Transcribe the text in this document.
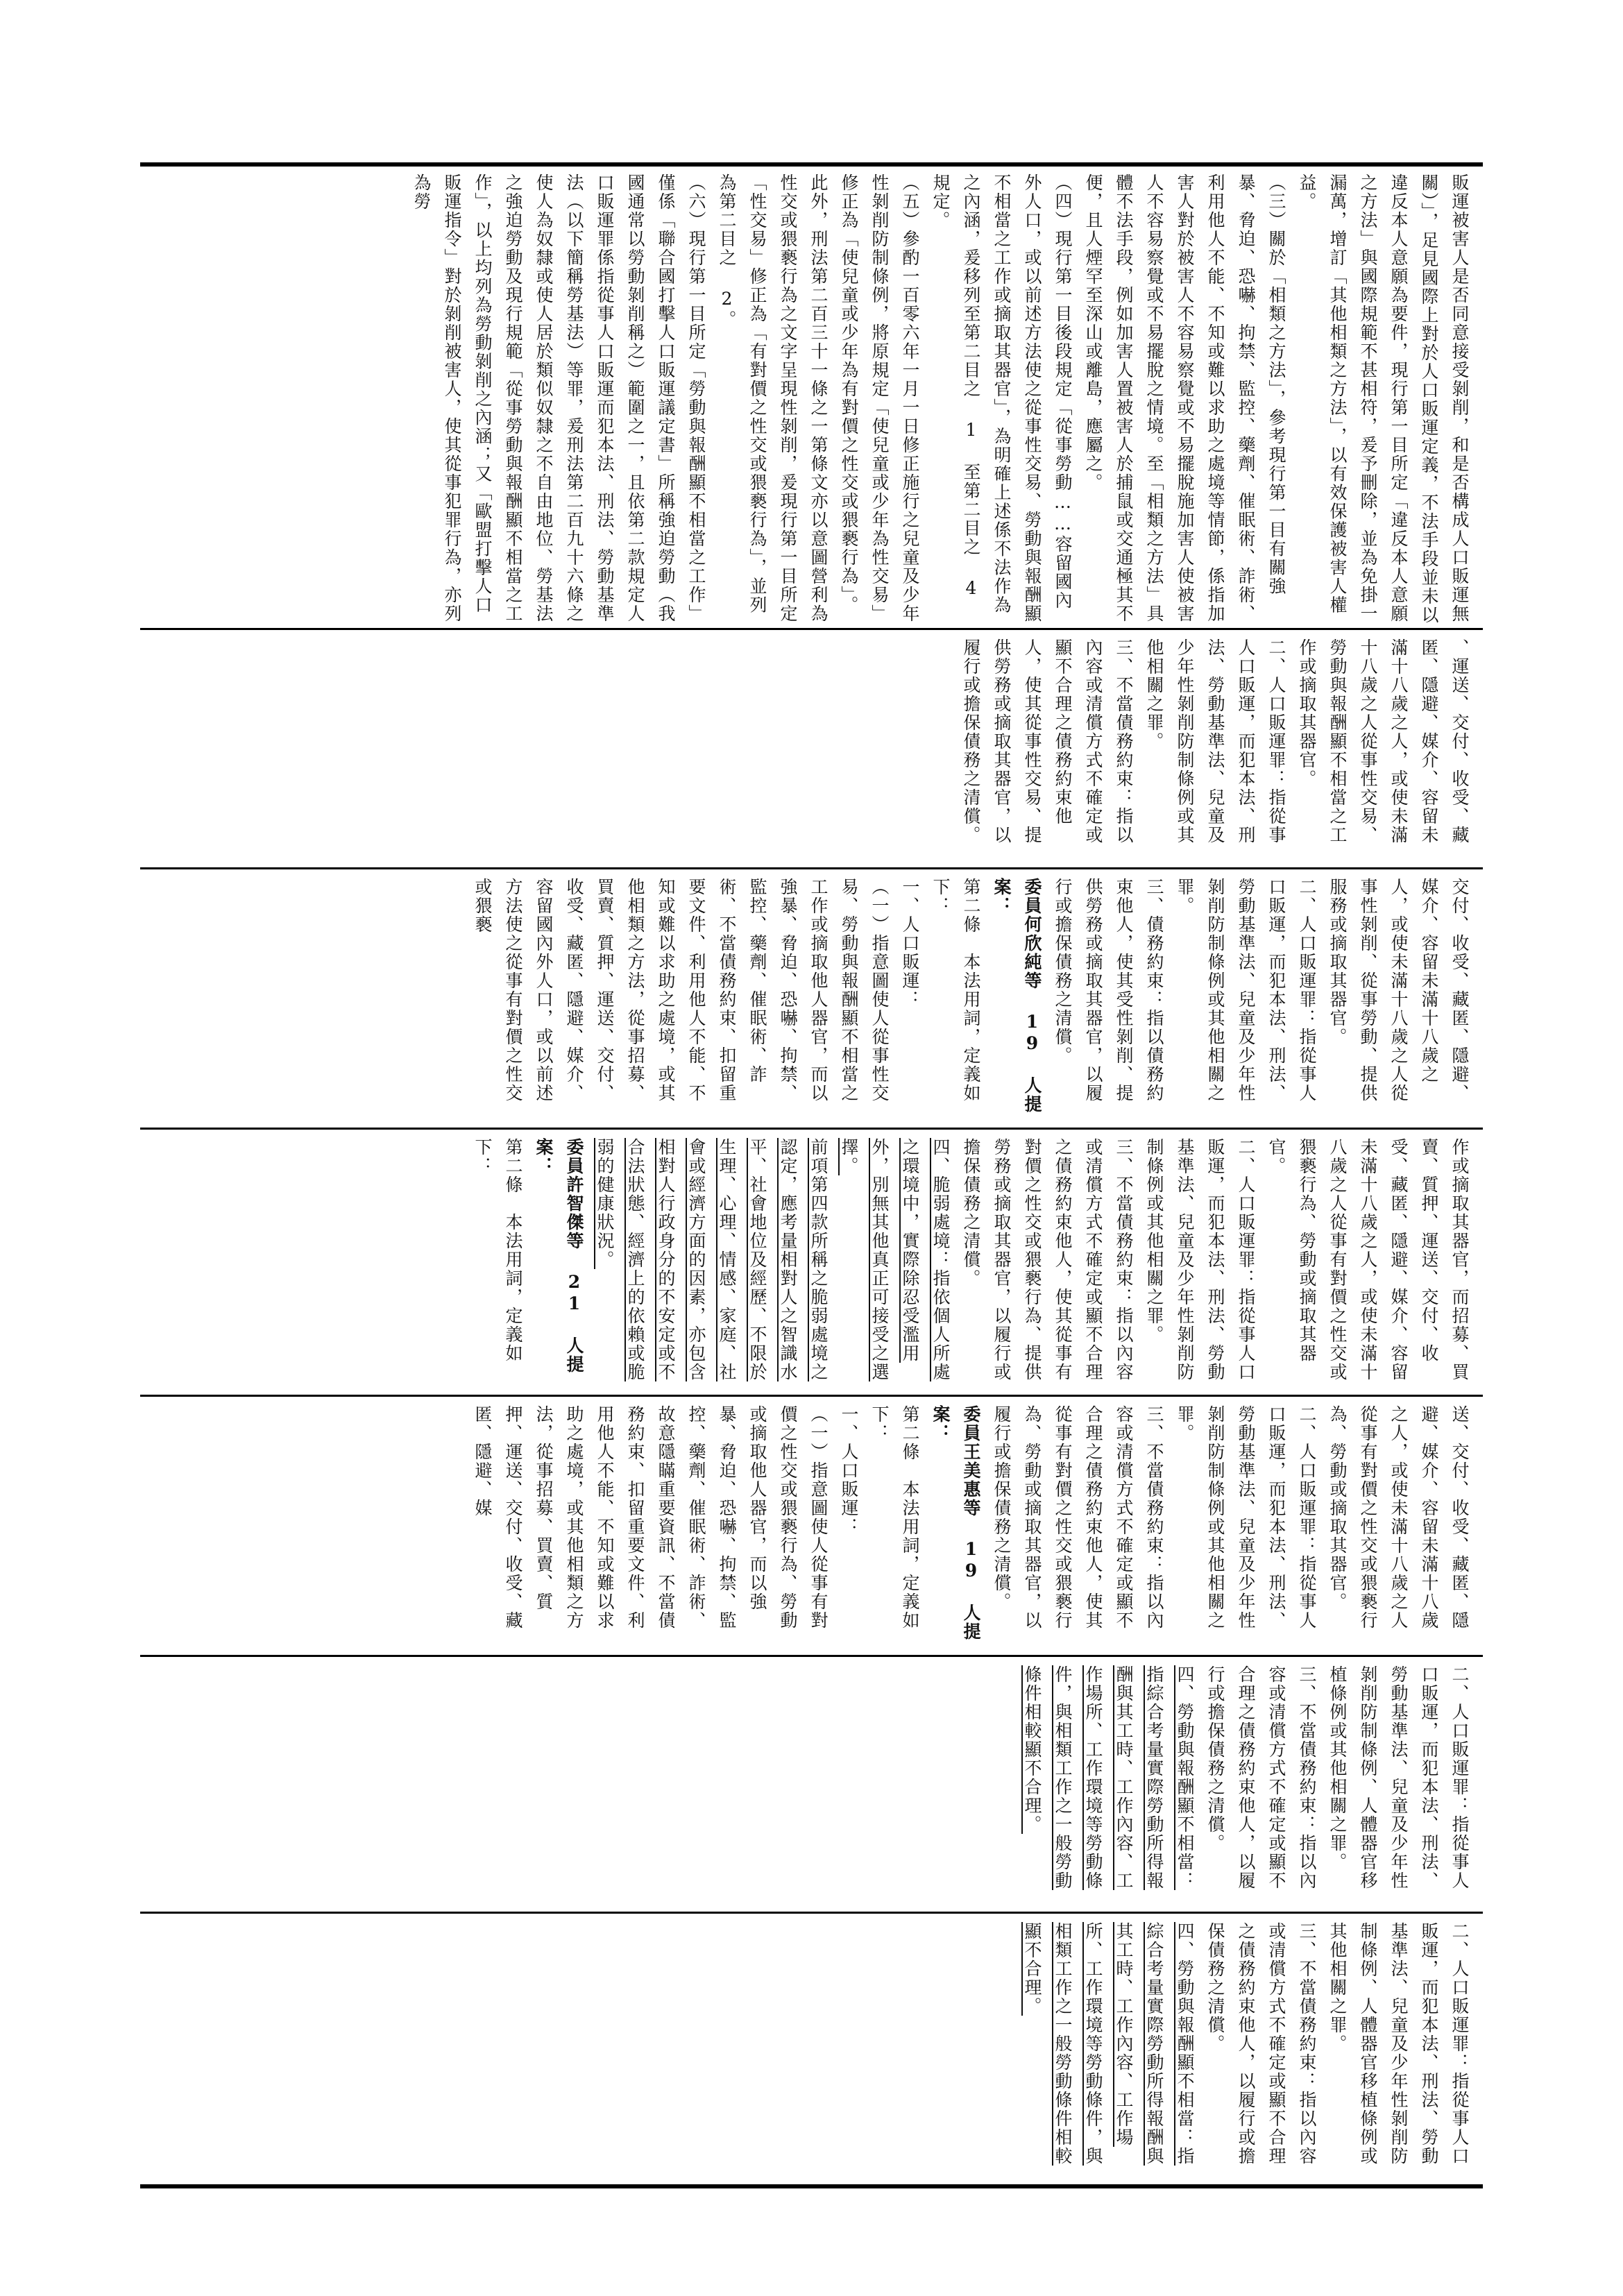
販運被害人是否同意接受剝削，和是否構成人口販運無關）」，足見國際上對於人口販運定義，不法手段並未以違反本人意願為要件，現行第一目所定「違反本人意願之方法」與國際規範不甚相符，爰予刪除，並為免掛一漏萬，增訂「其他相類之方法」，以有效保護被害人權益。

（三）關於「相類之方法」，參考現行第一目有關強暴、脅迫、恐嚇、拘禁、監控、藥劑、催眠術、詐術、利用他人不能、不知或難以求助之處境等情節，係指加害人對於被害人不容易察覺或不易擺脫施加害人使被害人不容易察覺或不易擺脫之情境。至「相類之方法」具體不法手段，例如加害人置被害人於捕鼠或交通極其不便，且人煙罕至深山或離島，應屬之。

（四）現行第一目後段規定「從事勞動……容留國內外人口，或以前述方法使之從事性交易、勞動與報酬顯不相當之工作或摘取其器官」，為明確上述係不法作為之內涵，爰移列至第二目之 1 至第二目之 4 規定。

（五）參酌一百零六年一月一日修正施行之兒童及少年性剝削防制條例，將原規定「使兒童或少年為性交易」修正為「使兒童或少年為有對價之性交或猥褻行為」。此外，刑法第二百三十一條之一第條文亦以意圖營利為性交或猥褻行為之文字呈現性剝削，爰現行第一目所定「性交易」修正為「有對價之性交或猥褻行為」，並列為第二目之 2。

（六）現行第一目所定「勞動與報酬顯不相當之工作」僅係「聯合國打擊人口販運議定書」所稱強迫勞動（我國通常以勞動剝削稱之）範圍之一，且依第二款規定人口販運罪係指從事人口販運而犯本法、刑法、勞動基準法（以下簡稱勞基法）等罪，爰刑法第二百九十六條之使人為奴隸或使人居於類似奴隸之不自由地位、勞基法之強迫勞動及現行規範「從事勞動與報酬顯不相當之工作」，以上均列為勞動剝削之內涵；又「歐盟打擊人口販運指令」對於剝削被害人，使其從事犯罪行為，亦列為勞

、運送、交付、收受、藏匿、隱避、媒介、容留未滿十八歲之人，或使未滿十八歲之人從事性交易、勞動與報酬顯不相當之工作或摘取其器官。

二、人口販運罪：指從事人口販運，而犯本法、刑法、勞動基準法、兒童及少年性剝削防制條例或其他相關之罪。

三、不當債務約束：指以內容或清償方式不確定或顯不合理之債務約束他人，使其從事性交易、提供勞務或摘取其器官，以履行或擔保債務之清償。

交付、收受、藏匿、隱避、媒介、容留未滿十八歲之人，或使未滿十八歲之人從事性剝削、從事勞動、提供服務或摘取其器官。

二、人口販運罪：指從事人口販運，而犯本法、刑法、勞動基準法、兒童及少年性剝削防制條例或其他相關之罪。

三、債務約束：指以債務約束他人，使其受性剝削、提供勞務或摘取其器官，以履行或擔保債務之清償。

委員何欣純等 19 人提案：

第二條　本法用詞，定義如下：

一、人口販運：

（一）指意圖使人從事性交易、勞動與報酬顯不相當之工作或摘取他人器官，而以強暴、脅迫、恐嚇、拘禁、監控、藥劑、催眠術、詐術、不當債務約束、扣留重要文件、利用他人不能、不知或難以求助之處境，或其他相類之方法，從事招募、買賣、質押、運送、交付、收受、藏匿、隱避、媒介、容留國內外人口，或以前述方法使之從事有對價之性交或猥褻

作或摘取其器官，而招募、買賣、質押、運送、交付、收受、藏匿、隱避、媒介、容留未滿十八歲之人，或使未滿十八歲之人從事有對價之性交或猥褻行為、勞動或摘取其器官。

二、人口販運罪：指從事人口販運，而犯本法、刑法、勞動基準法、兒童及少年性剝削防制條例或其他相關之罪。

三、不當債務約束：指以內容或清償方式不確定或顯不合理之債務約束他人，使其從事有對價之性交或猥褻行為、提供勞務或摘取其器官，以履行或擔保債務之清償。

四、脆弱處境：指依個人所處之環境中，實際除忍受濫用外，別無其他真正可接受之選擇。

前項第四款所稱之脆弱處境之認定，應考量相對人之智識水平、社會地位及經歷、不限於生理、心理、情感、家庭、社會或經濟方面的因素，亦包含相對人行政身分的不安定或不合法狀態、經濟上的依賴或脆弱的健康狀況。

委員許智傑等 21 人提案：

第二條　本法用詞，定義如下：

送、交付、收受、藏匿、隱避、媒介、容留未滿十八歲之人，或使未滿十八歲之人從事有對價之性交或猥褻行為、勞動或摘取其器官。

二、人口販運罪：指從事人口販運，而犯本法、刑法、勞動基準法、兒童及少年性剝削防制條例或其他相關之罪。

三、不當債務約束：指以內容或清償方式不確定或顯不合理之債務約束他人，使其從事有對價之性交或猥褻行為、勞動或摘取其器官，以履行或擔保債務之清償。

委員王美惠等 19 人提案：

第二條　本法用詞，定義如下：

一、人口販運：

（一）指意圖使人從事有對價之性交或猥褻行為、勞動或摘取他人器官，而以強暴、脅迫、恐嚇、拘禁、監控、藥劑、催眠術、詐術、故意隱瞞重要資訊、不當債務約束、扣留重要文件、利用他人不能、不知或難以求助之處境，或其他相類之方法，從事招募、買賣、質押、運送、交付、收受、藏匿、隱避、媒

二、人口販運罪：指從事人口販運，而犯本法、刑法、勞動基準法、兒童及少年性剝削防制條例、人體器官移植條例或其他相關之罪。

三、不當債務約束：指以內容或清償方式不確定或顯不合理之債務約束他人，以履行或擔保債務之清償。

四、勞動與報酬顯不相當：指綜合考量實際勞動所得報酬與其工時、工作內容、工作場所、工作環境等勞動條件，與相類工作之一般勞動條件相較顯不合理。

二、人口販運罪：指從事人口販運，而犯本法、刑法、勞動基準法、兒童及少年性剝削防制條例、人體器官移植條例或其他相關之罪。

三、不當債務約束：指以內容或清償方式不確定或顯不合理之債務約束他人，以履行或擔保債務之清償。

四、勞動與報酬顯不相當：指綜合考量實際勞動所得報酬與其工時、工作內容、工作場所、工作環境等勞動條件，與相類工作之一般勞動條件相較顯不合理。
